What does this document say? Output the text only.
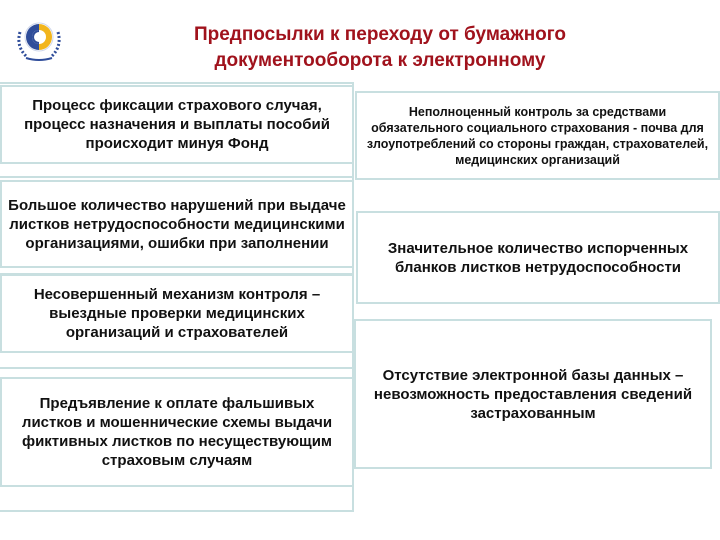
Предпосылки к переходу от бумажного документооборота к электронному
Процесс фиксации страхового случая, процесс назначения и выплаты пособий происходит минуя Фонд
Большое количество нарушений при выдаче листков нетрудоспособности медицинскими организациями, ошибки при заполнении
Несовершенный механизм контроля – выездные проверки медицинских организаций и страхователей
Предъявление к оплате фальшивых листков и мошеннические схемы выдачи фиктивных листков по несуществующим страховым случаям
Неполноценный контроль за средствами обязательного социального страхования - почва для злоупотреблений со стороны граждан, страхователей, медицинских организаций
Значительное количество испорченных бланков листков нетрудоспособности
Отсутствие электронной базы данных – невозможность предоставления сведений застрахованным
